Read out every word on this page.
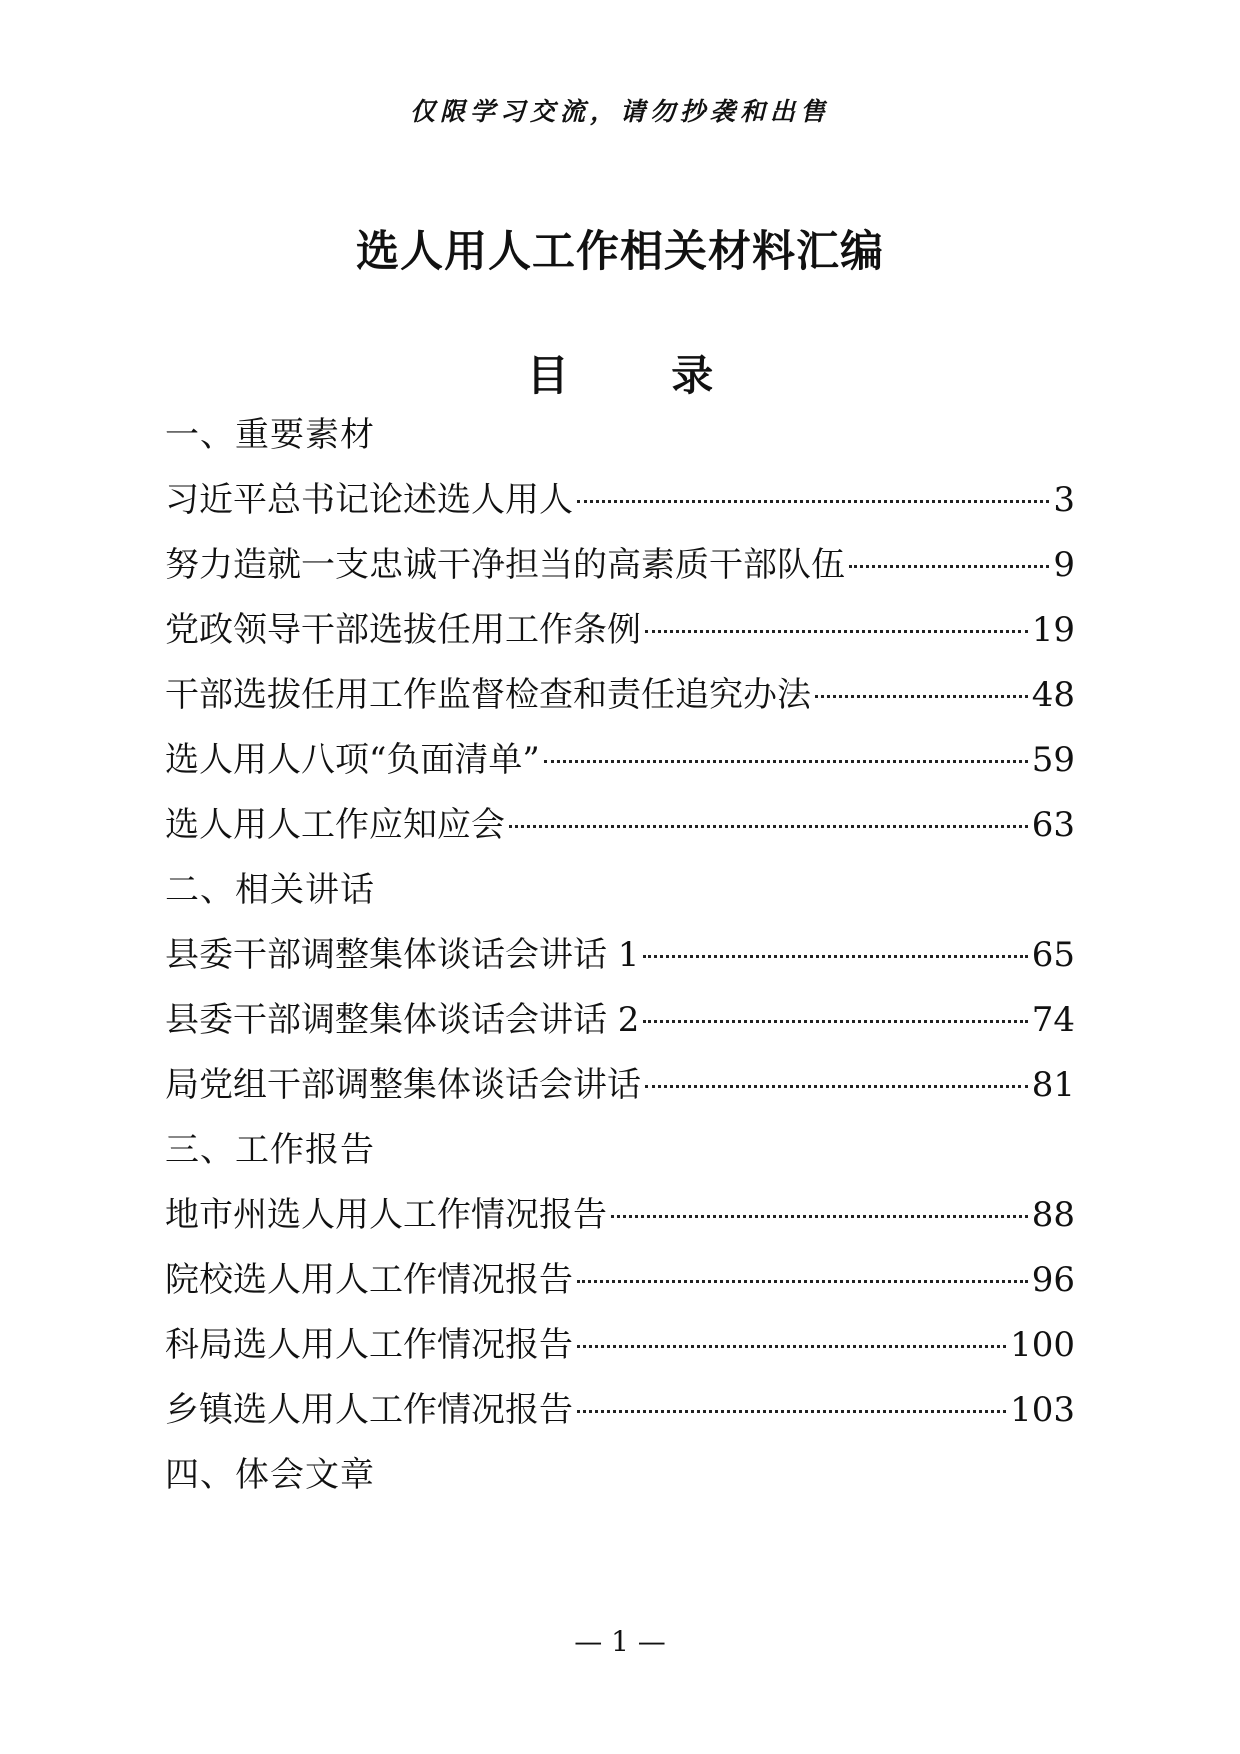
仅限学习交流，请勿抄袭和出售
选人用人工作相关材料汇编
目 录
一、重要素材
习近平总书记论述选人用人	3
努力造就一支忠诚干净担当的高素质干部队伍	9
党政领导干部选拔任用工作条例	19
干部选拔任用工作监督检查和责任追究办法	48
选人用人八项“负面清单”	59
选人用人工作应知应会	63
二、相关讲话
县委干部调整集体谈话会讲话 1	65
县委干部调整集体谈话会讲话 2	74
局党组干部调整集体谈话会讲话	81
三、工作报告
地市州选人用人工作情况报告	88
院校选人用人工作情况报告	96
科局选人用人工作情况报告	100
乡镇选人用人工作情况报告	103
四、体会文章
— 1 —
